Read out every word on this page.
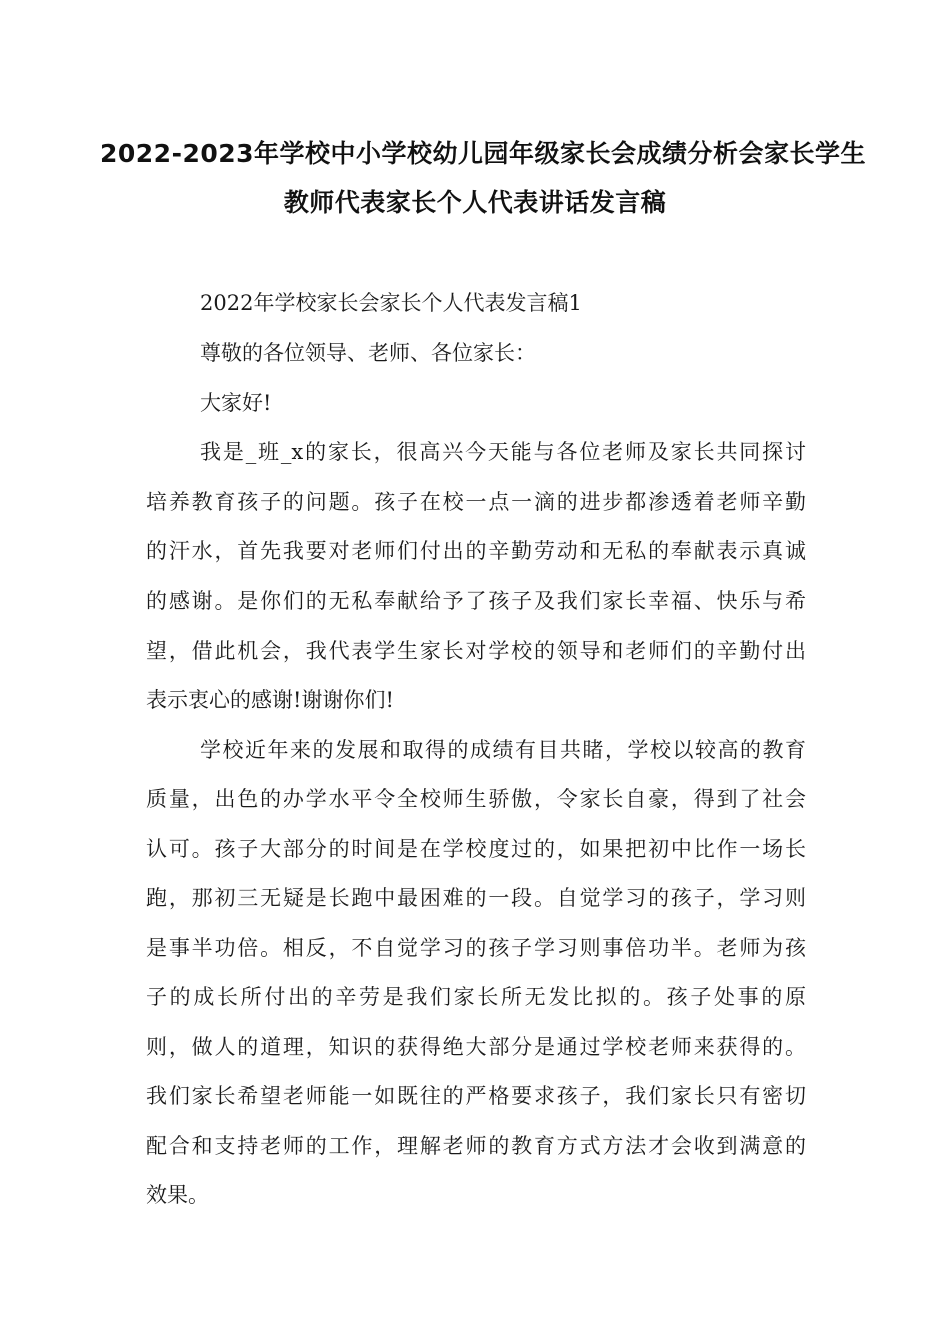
2022-2023年学校中小学校幼儿园年级家长会成绩分析会家长学生
教师代表家长个人代表讲话发言稿
2022年学校家长会家长个人代表发言稿1
尊敬的各位领导、老师、各位家长：
大家好!
我是_班_x的家长，很高兴今天能与各位老师及家长共同探讨
培养教育孩子的问题。孩子在校一点一滴的进步都渗透着老师辛勤
的汗水，首先我要对老师们付出的辛勤劳动和无私的奉献表示真诚
的感谢。是你们的无私奉献给予了孩子及我们家长幸福、快乐与希
望，借此机会，我代表学生家长对学校的领导和老师们的辛勤付出
表示衷心的感谢!谢谢你们!
学校近年来的发展和取得的成绩有目共睹，学校以较高的教育
质量，出色的办学水平令全校师生骄傲，令家长自豪，得到了社会
认可。孩子大部分的时间是在学校度过的，如果把初中比作一场长
跑，那初三无疑是长跑中最困难的一段。自觉学习的孩子，学习则
是事半功倍。相反，不自觉学习的孩子学习则事倍功半。老师为孩
子的成长所付出的辛劳是我们家长所无发比拟的。孩子处事的原
则，做人的道理，知识的获得绝大部分是通过学校老师来获得的。
我们家长希望老师能一如既往的严格要求孩子，我们家长只有密切
配合和支持老师的工作，理解老师的教育方式方法才会收到满意的
效果。
